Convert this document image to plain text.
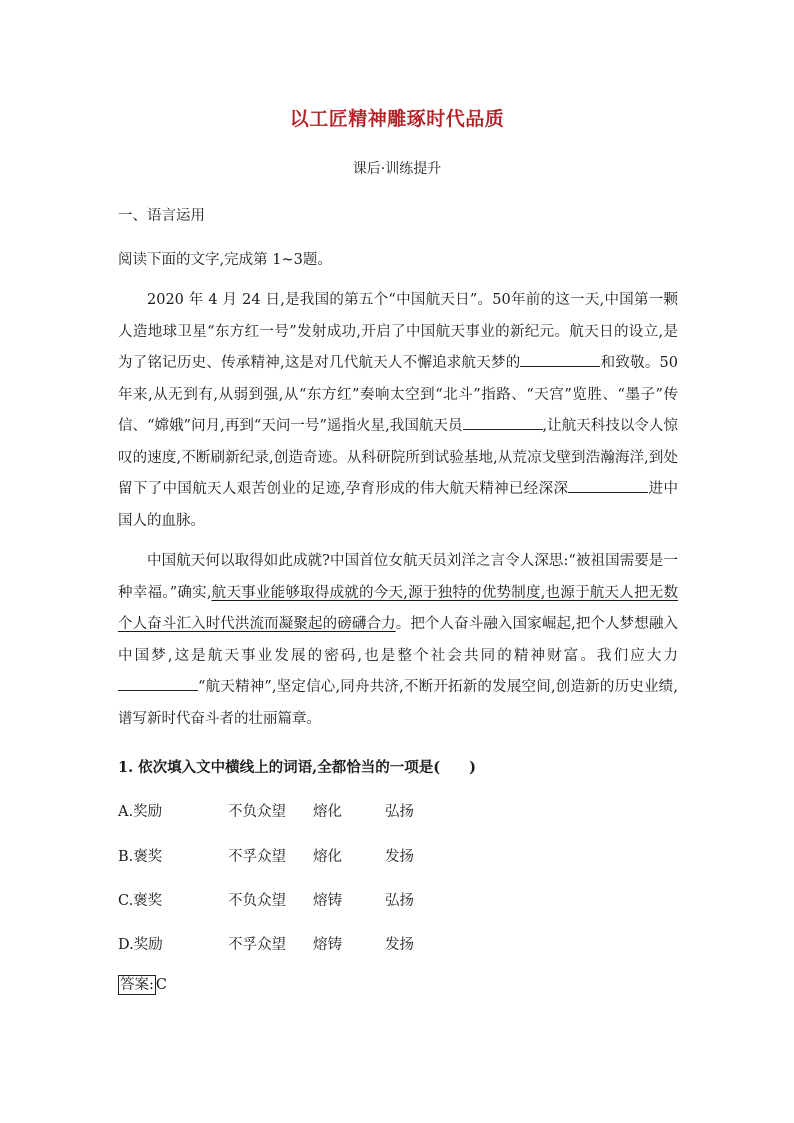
以工匠精神雕琢时代品质
课后·训练提升
一、语言运用
阅读下面的文字,完成第 1~3题。
2020 年 4 月 24 日,是我国的第五个“中国航天日”。50年前的这一天,中国第一颗人造地球卫星“东方红一号”发射成功,开启了中国航天事业的新纪元。航天日的设立,是为了铭记历史、传承精神,这是对几代航天人不懈追求航天梦的	和致敬。50年来,从无到有,从弱到强,从“东方红”奏响太空到“北斗”指路、“天宫”览胜、“墨子”传信、“嫦娥”问月,再到“天问一号”遥指火星,我国航天员	,让航天科技以令人惊叹的速度,不断刷新纪录,创造奇迹。从科研院所到试验基地,从荒凉戈壁到浩瀚海洋,到处留下了中国航天人艰苦创业的足迹,孕育形成的伟大航天精神已经深深	进中国人的血脉。
中国航天何以取得如此成就?中国首位女航天员刘洋之言令人深思:“被祖国需要是一种幸福。”确实,航天事业能够取得成就的今天,源于独特的优势制度,也源于航天人把无数个人奋斗汇入时代洪流而凝聚起的磅礴合力。把个人奋斗融入国家崛起,把个人梦想融入中国梦,这是航天事业发展的密码,也是整个社会共同的精神财富。我们应大力“航天精神”,坚定信心,同舟共济,不断开拓新的发展空间,创造新的历史业绩,谱写新时代奋斗者的壮丽篇章。
1. 依次填入文中横线上的词语,全都恰当的一项是(　　)
A.奖励	不负众望 熔化	弘扬
B.褒奖	不孚众望 熔化	发扬
C.褒奖	不负众望 熔铸	弘扬
D.奖励	不孚众望 熔铸	发扬
答案: C
